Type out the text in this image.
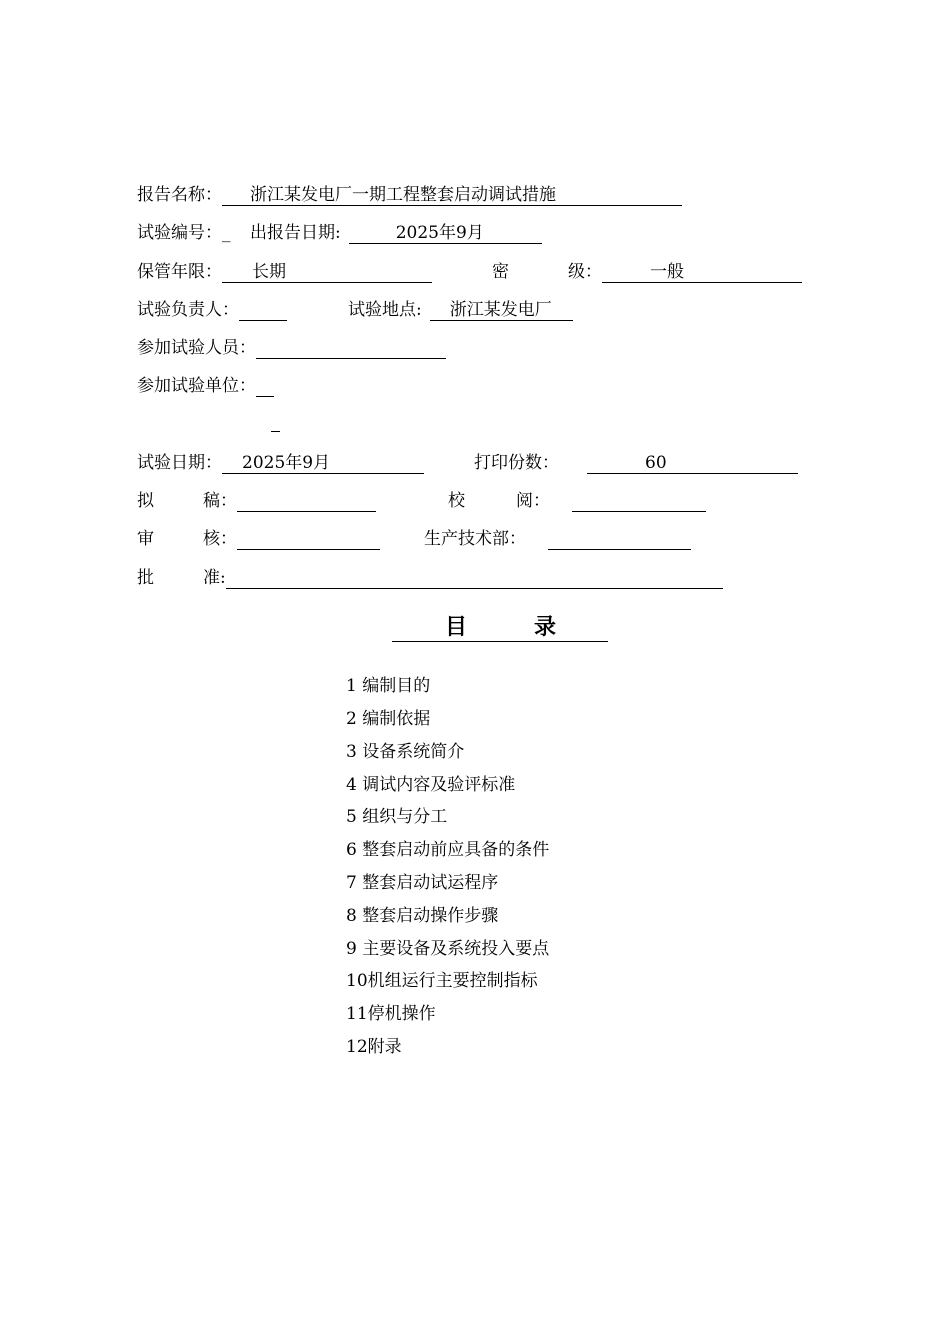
报告名称： 浙江某发电厂一期工程整套启动调试措施
试验编号：_ 出报告日期:	2025年9月
保管年限： 长期	密	级：	一般
试验负责人：	试验地点: 浙江某发电厂
参加试验人员：
参加试验单位：
试验日期： 2025年9月	打印份数：	60
拟	稿：	校	阅：
审	核：	生产技术部：
批	准:
目	录
1 编制目的
2 编制依据
3 设备系统简介
4 调试内容及验评标准
5 组织与分工
6 整套启动前应具备的条件
7 整套启动试运程序
8 整套启动操作步骤
9 主要设备及系统投入要点
10机组运行主要控制指标
11停机操作
12附录
